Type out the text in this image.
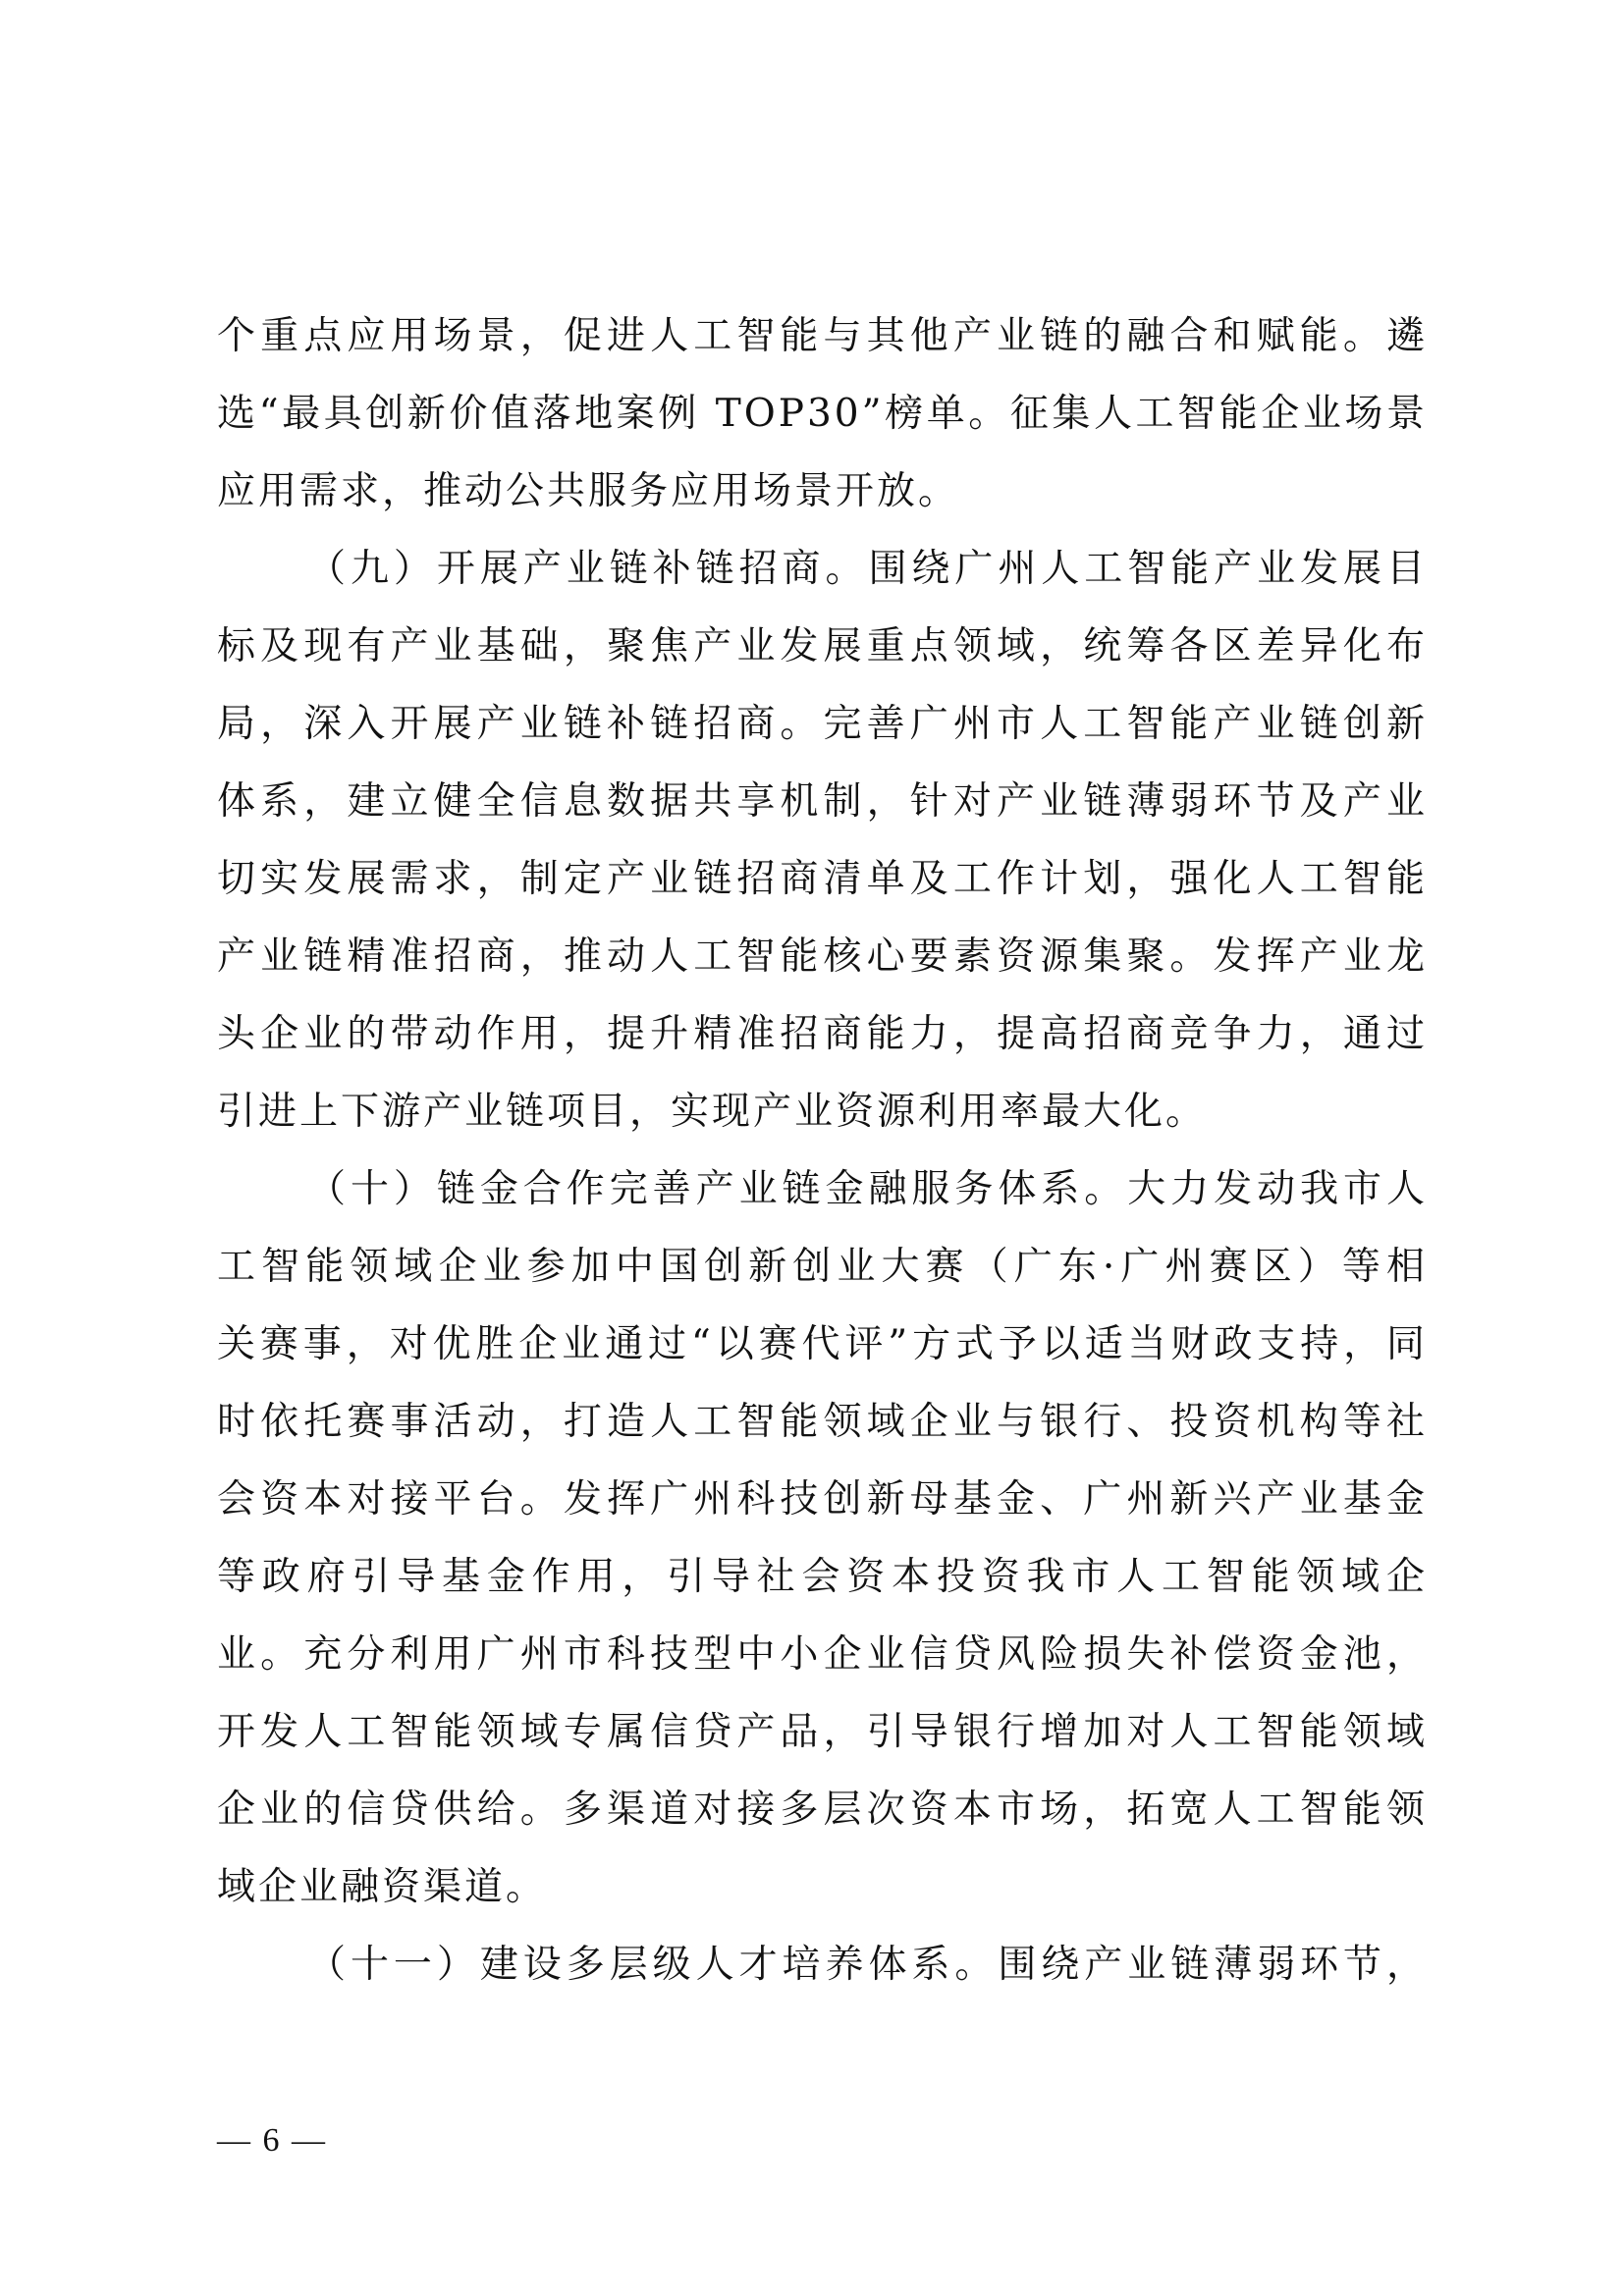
个重点应用场景，促进人工智能与其他产业链的融合和赋能。遴

选“最具创新价值落地案例 TOP30”榜单。征集人工智能企业场景

应用需求，推动公共服务应用场景开放。

（九）开展产业链补链招商。围绕广州人工智能产业发展目

标及现有产业基础，聚焦产业发展重点领域，统筹各区差异化布

局，深入开展产业链补链招商。完善广州市人工智能产业链创新

体系，建立健全信息数据共享机制，针对产业链薄弱环节及产业

切实发展需求，制定产业链招商清单及工作计划，强化人工智能

产业链精准招商，推动人工智能核心要素资源集聚。发挥产业龙

头企业的带动作用，提升精准招商能力，提高招商竞争力，通过

引进上下游产业链项目，实现产业资源利用率最大化。

（十）链金合作完善产业链金融服务体系。大力发动我市人

工智能领域企业参加中国创新创业大赛（广东·广州赛区）等相

关赛事，对优胜企业通过“以赛代评”方式予以适当财政支持，同

时依托赛事活动，打造人工智能领域企业与银行、投资机构等社

会资本对接平台。发挥广州科技创新母基金、广州新兴产业基金

等政府引导基金作用，引导社会资本投资我市人工智能领域企

业。充分利用广州市科技型中小企业信贷风险损失补偿资金池，

开发人工智能领域专属信贷产品，引导银行增加对人工智能领域

企业的信贷供给。多渠道对接多层次资本市场，拓宽人工智能领

域企业融资渠道。

（十一）建设多层级人才培养体系。围绕产业链薄弱环节，

— 6 —
